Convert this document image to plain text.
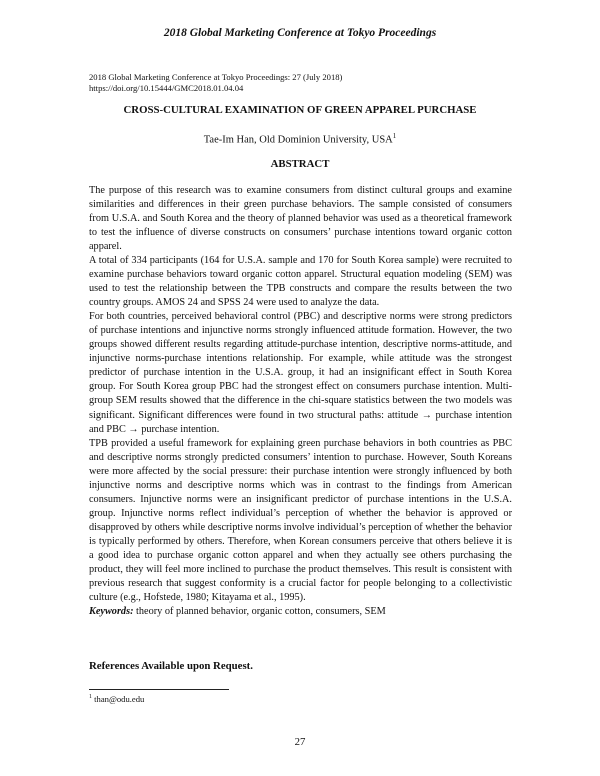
2018 Global Marketing Conference at Tokyo Proceedings
2018 Global Marketing Conference at Tokyo Proceedings: 27 (July 2018)
https://doi.org/10.15444/GMC2018.01.04.04
CROSS-CULTURAL EXAMINATION OF GREEN APPAREL PURCHASE
Tae-Im Han, Old Dominion University, USA$^1$
ABSTRACT

The purpose of this research was to examine consumers from distinct cultural groups and examine similarities and differences in their green purchase behaviors. The sample consisted of consumers from U.S.A. and South Korea and the theory of planned behavior was used as a theoretical framework to test the influence of diverse constructs on consumers’ purchase intentions toward organic cotton apparel.

A total of 334 participants (164 for U.S.A. sample and 170 for South Korea sample) were recruited to examine purchase behaviors toward organic cotton apparel. Structural equation modeling (SEM) was used to test the relationship between the TPB constructs and compare the results between the two country groups. AMOS 24 and SPSS 24 were used to analyze the data.

For both countries, perceived behavioral control (PBC) and descriptive norms were strong predictors of purchase intentions and injunctive norms strongly influenced attitude formation. However, the two groups showed different results regarding attitude-purchase intention, descriptive norms-attitude, and injunctive norms-purchase intentions relationship. For example, while attitude was the strongest predictor of purchase intention in the U.S.A. group, it had an insignificant effect in South Korea group. For South Korea group PBC had the strongest effect on consumers purchase intention. Multi-group SEM results showed that the difference in the chi-square statistics between the two models was significant. Significant differences were found in two structural paths: attitude → purchase intention and PBC → purchase intention.

TPB provided a useful framework for explaining green purchase behaviors in both countries as PBC and descriptive norms strongly predicted consumers’ intention to purchase. However, South Koreans were more affected by the social pressure: their purchase intention were strongly influenced by both injunctive norms and descriptive norms which was in contrast to the findings from American consumers. Injunctive norms were an insignificant predictor of purchase intentions in the U.S.A. group. Injunctive norms reflect individual’s perception of whether the behavior is approved or disapproved by others while descriptive norms involve individual’s perception of whether the behavior is typically performed by others. Therefore, when Korean consumers perceive that others believe it is a good idea to purchase organic cotton apparel and when they actually see others purchasing the product, they will feel more inclined to purchase the product themselves. This result is consistent with previous research that suggest conformity is a crucial factor for people belonging to a collectivistic culture (e.g., Hofstede, 1980; Kitayama et al., 1995).

Keywords: theory of planned behavior, organic cotton, consumers, SEM

References Available upon Request.
$^1$ than@odu.edu
27
